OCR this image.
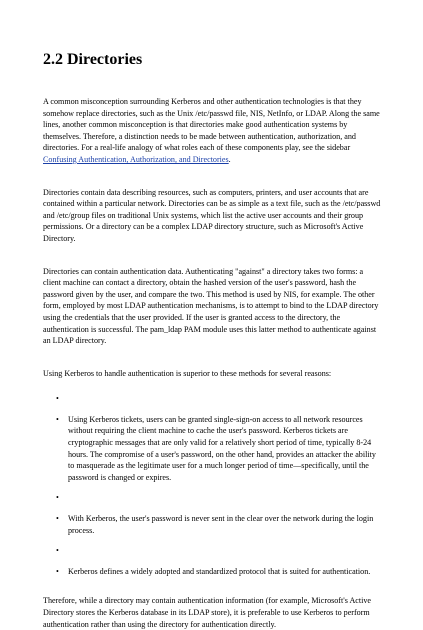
2.2 Directories

A common misconception surrounding Kerberos and other authentication technologies is that they somehow replace directories, such as the Unix /etc/passwd file, NIS, NetInfo, or LDAP. Along the same lines, another common misconception is that directories make good authentication systems by themselves. Therefore, a distinction needs to be made between authentication, authorization, and directories. For a real-life analogy of what roles each of these components play, see the sidebar Confusing Authentication, Authorization, and Directories.

Directories contain data describing resources, such as computers, printers, and user accounts that are contained within a particular network. Directories can be as simple as a text file, such as the /etc/passwd and /etc/group files on traditional Unix systems, which list the active user accounts and their group permissions. Or a directory can be a complex LDAP directory structure, such as Microsoft's Active Directory.

Directories can contain authentication data. Authenticating "against" a directory takes two forms: a client machine can contact a directory, obtain the hashed version of the user's password, hash the password given by the user, and compare the two. This method is used by NIS, for example. The other form, employed by most LDAP authentication mechanisms, is to attempt to bind to the LDAP directory using the credentials that the user provided. If the user is granted access to the directory, the authentication is successful. The pam_ldap PAM module uses this latter method to authenticate against an LDAP directory.

Using Kerberos to handle authentication is superior to these methods for several reasons:

•
• Using Kerberos tickets, users can be granted single-sign-on access to all network resources without requiring the client machine to cache the user's password. Kerberos tickets are cryptographic messages that are only valid for a relatively short period of time, typically 8-24 hours. The compromise of a user's password, on the other hand, provides an attacker the ability to masquerade as the legitimate user for a much longer period of time—specifically, until the password is changed or expires.
•
• With Kerberos, the user's password is never sent in the clear over the network during the login process.
•
• Kerberos defines a widely adopted and standardized protocol that is suited for authentication.

Therefore, while a directory may contain authentication information (for example, Microsoft's Active Directory stores the Kerberos database in its LDAP store), it is preferable to use Kerberos to perform authentication rather than using the directory for authentication directly.
